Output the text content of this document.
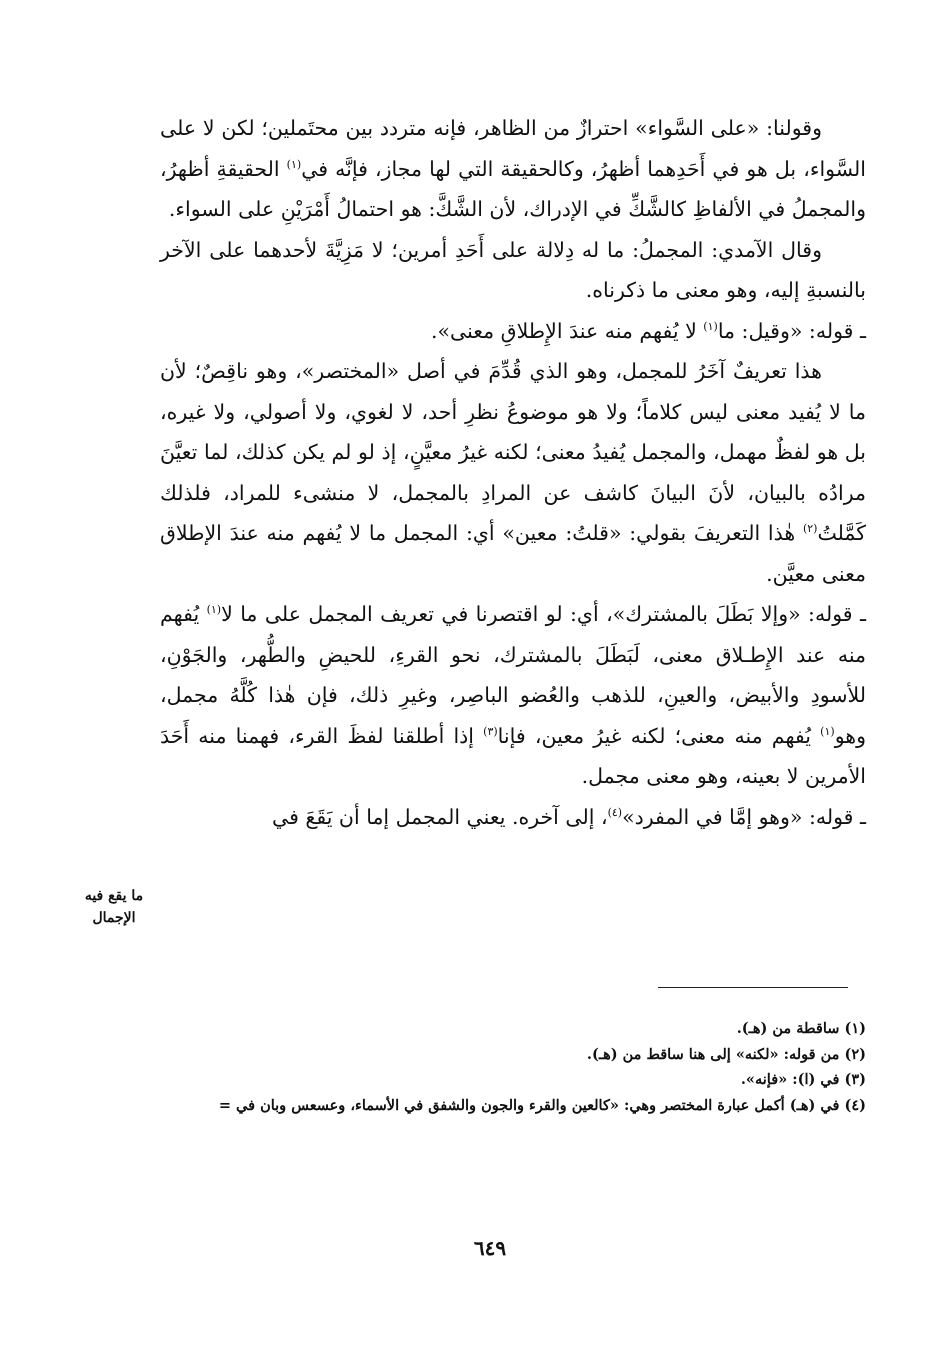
وقولنا: «على السَّواء» احترازٌ من الظاهر، فإنه متردد بين محتَملين؛ لكن لا على السَّواء، بل هو في أَحَدِهما أظهرُ، وكالحقيقة التي لها مجاز، فإنَّه في$^{(١)}$ الحقيقةِ أظهرُ، والمجملُ في الألفاظِ كالشَّكِّ في الإدراك، لأن الشَّكَّ: هو احتمالُ أَمْرَيْنِ على السواء.

وقال الآمدي: المجملُ: ما له دِلالة على أَحَدِ أمرين؛ لا مَزِيَّةَ لأحدهما على الآخر بالنسبةِ إليه، وهو معنى ما ذكرناه.

ـ قوله: «وقيل: ما$^{(١)}$ لا يُفهم منه عندَ الإِطلاقِ معنى».

هذا تعريفٌ آخَرُ للمجمل، وهو الذي قُدِّمَ في أصل «المختصر»، وهو ناقِصٌ؛ لأن ما لا يُفيد معنى ليس كلاماً؛ ولا هو موضوعُ نظرِ أحد، لا لغوي، ولا أصولي، ولا غيره، بل هو لفظٌ مهمل، والمجمل يُفيدُ معنى؛ لكنه غيرُ معيَّنٍ، إذ لو لم يكن كذلك، لما تعيَّنَ مرادُه بالبيان، لأنَ البيانَ كاشف عن المرادِ بالمجمل، لا منشىء للمراد، فلذلك كَمَّلتُ$^{(٢)}$ هٰذا التعريفَ بقولي: «قلتُ: معين» أي: المجمل ما لا يُفهم منه عندَ الإطلاق معنى معيَّن.

ـ قوله: «وإلا بَطَلَ بالمشترك»، أي: لو اقتصرنا في تعريف المجمل على ما لا$^{(١)}$ يُفهم منه عند الإِطـلاق معنى، لَبَطَلَ بالمشترك، نحو القرءِ، للحيضِ والطُّهر، والجَوْنِ، للأسودِ والأبيض، والعينِ، للذهب والعُضو الباصِر، وغيرِ ذلك، فإن هٰذا كُلَّهُ مجمل، وهو$^{(١)}$ يُفهم منه معنى؛ لكنه غيرُ معين، فإنا$^{(٣)}$ إذا أطلقنا لفظَ القرء، فهمنا منه أَحَدَ الأمرين لا بعينه، وهو معنى مجمل.

ـ قوله: «وهو إمَّا في المفرد»$^{(٤)}$، إلى آخره. يعني المجمل إما أن يَقَعَ في

ما يقع فيه الإجمال

(١) ساقطة من (هـ).

(٢) من قوله: «لكنه» إلى هنا ساقط من (هـ).

(٣) في (ا): «فإنه».

(٤) في (هـ) أكمل عبارة المختصر وهي: «كالعين والقرء والجون والشفق في الأسماء، وعسعس وبان في =

٦٤٩
